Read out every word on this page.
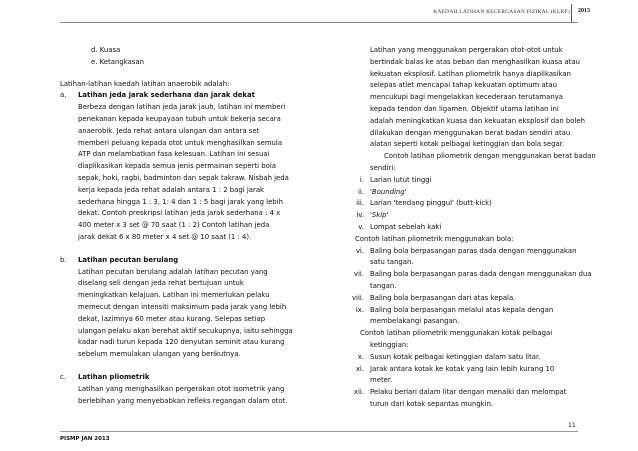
KAEDAH LATIHAN KECERGASAN FIZIKAL (KLKF) 2013
d. Kuasa
e. Ketangkasan
Latihan-latihan kaedah latihan anaerobik adalah:
a. Latihan jeda jarak sederhana dan jarak dekat
Berbeza dengan latihan jeda jarak jauh, latihan ini memberi
penekanan kepada keupayaan tubuh untuk bekerja secara
anaerobik. Jeda rehat antara ulangan dan antara set
memberi peluang kepada otot untuk menghasilkan semula
ATP dan melambatkan fasa kelesuan. Latihan ini sesuai
diaplikasikan kepada semua jenis permainan seperti bola
sepak, hoki, ragbi, badminton dan sepak takraw. Nisbah jeda
kerja kepada jeda rehat adalah antara 1 : 2 bagi jarak
sederhana hingga 1 : 3, 1: 4 dan 1 : 5 bagi jarak yang lebih
dekat. Contoh preskripsi latihan jeda jarak sederhana : 4 x
400 meter x 3 set @ 70 saat (1 : 2) Contoh latihan jeda
jarak dekat 6 x 80 meter x 4 set @ 10 saat (1 : 4).
b. Latihan pecutan berulang
Latihan pecutan berulang adalah latihan pecutan yang
diselang seli dengan jeda rehat bertujuan untuk
meningkatkan kelajuan. Latihan ini memerlukan pelaku
memecut dengan intensiti maksimum pada jarak yang lebih
dekat, lazimnya 60 meter atau kurang. Selepas setiap
ulangan pelaku akan berehat aktif secukupnya, iaitu sehingga
kadar nadi turun kepada 120 denyutan seminit atau kurang
sebelum memulakan ulangan yang berikutnya.
c. Latihan pliometrik
Latihan yang menghasilkan pergerakan otot isometrik yang
berlebihan yang menyebabkan refleks regangan dalam otot.
Latihan yang menggunakan pergerakan otot-otot untuk
bertindak balas ke atas beban dan menghasilkan kuasa atau
kekuatan eksplosif. Latihan pliometrik hanya diaplikasikan
selepas atlet mencapai tahap kekuatan optimum atau
mencukupi bagi mengelakkan kecederaan terutamanya
kepada tendon dan ligamen. Objektif utama latihan ini
adalah meningkatkan kuasa dan kekuatan eksplosif dan boleh
dilakukan dengan menggunakan berat badan sendiri atau
alatan seperti kotak pelbagai ketinggian dan bola segar.
Contoh latihan pliometrik dengan menggunakan berat badan
sendiri:
i. Larian lutut tinggi
ii. 'Bounding'
iii. Larian 'tendang pinggul' (butt-kick)
iv. 'Skip'
v. Lompat sebelah kaki
Contoh latihan pliometrik menggunakan bola:
vi. Baling bola berpasangan paras dada dengan menggunakan
satu tangan.
vii. Baling bola berpasangan paras dada dengan menggunakan dua
tangan.
viii. Baling bola berpasangan dari atas kepala.
ix. Baling bola berpasangan melalui atas kepala dengan
membelakangi pasangan.
Contoh latihan pliometrik menggunakan kotak pelbagai
ketinggian:
x. Susun kotak pelbagai ketinggian dalam satu litar.
xi. Jarak antara kotak ke kotak yang lain lebih kurang 10
meter.
xii. Pelaku berlari dalam litar dengan menaiki dan melompat
turun dari kotak sepantas mungkin.
11
PISMP JAN 2013
